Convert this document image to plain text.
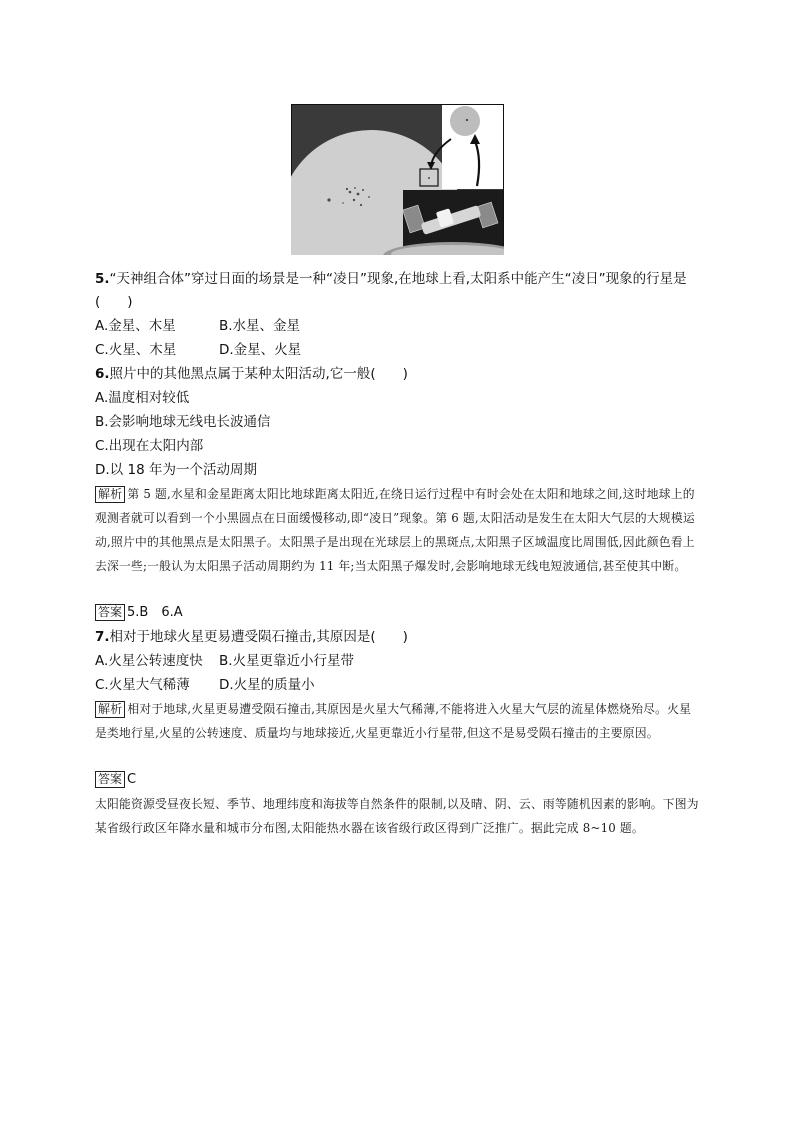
5.“天神组合体”穿过日面的场景是一种“凌日”现象,在地球上看,太阳系中能产生“凌日”现象的行星是
(　　)
A.金星、木星	B.水星、金星
C.火星、木星	D.金星、火星
6.照片中的其他黑点属于某种太阳活动,它一般(　　)
A.温度相对较低
B.会影响地球无线电长波通信
C.出现在太阳内部
D.以 18 年为一个活动周期
解析 第 5 题,水星和金星距离太阳比地球距离太阳近,在绕日运行过程中有时会处在太阳和地球之间,这时地球上的观测者就可以看到一个小黑圆点在日面缓慢移动,即“凌日”现象。第 6 题,太阳活动是发生在太阳大气层的大规模运动,照片中的其他黑点是太阳黑子。太阳黑子是出现在光球层上的黑斑点,太阳黑子区域温度比周围低,因此颜色看上去深一些;一般认为太阳黑子活动周期约为 11 年;当太阳黑子爆发时,会影响地球无线电短波通信,甚至使其中断。
答案 5.B　6.A
7.相对于地球火星更易遭受陨石撞击,其原因是(　　)
A.火星公转速度快 B.火星更靠近小行星带
C.火星大气稀薄 D.火星的质量小
解析 相对于地球,火星更易遭受陨石撞击,其原因是火星大气稀薄,不能将进入火星大气层的流星体燃烧殆尽。火星是类地行星,火星的公转速度、质量均与地球接近,火星更靠近小行星带,但这不是易受陨石撞击的主要原因。
答案 C
太阳能资源受昼夜长短、季节、地理纬度和海拔等自然条件的限制,以及晴、阴、云、雨等随机因素的影响。下图为某省级行政区年降水量和城市分布图,太阳能热水器在该省级行政区得到广泛推广。据此完成 8~10 题。
